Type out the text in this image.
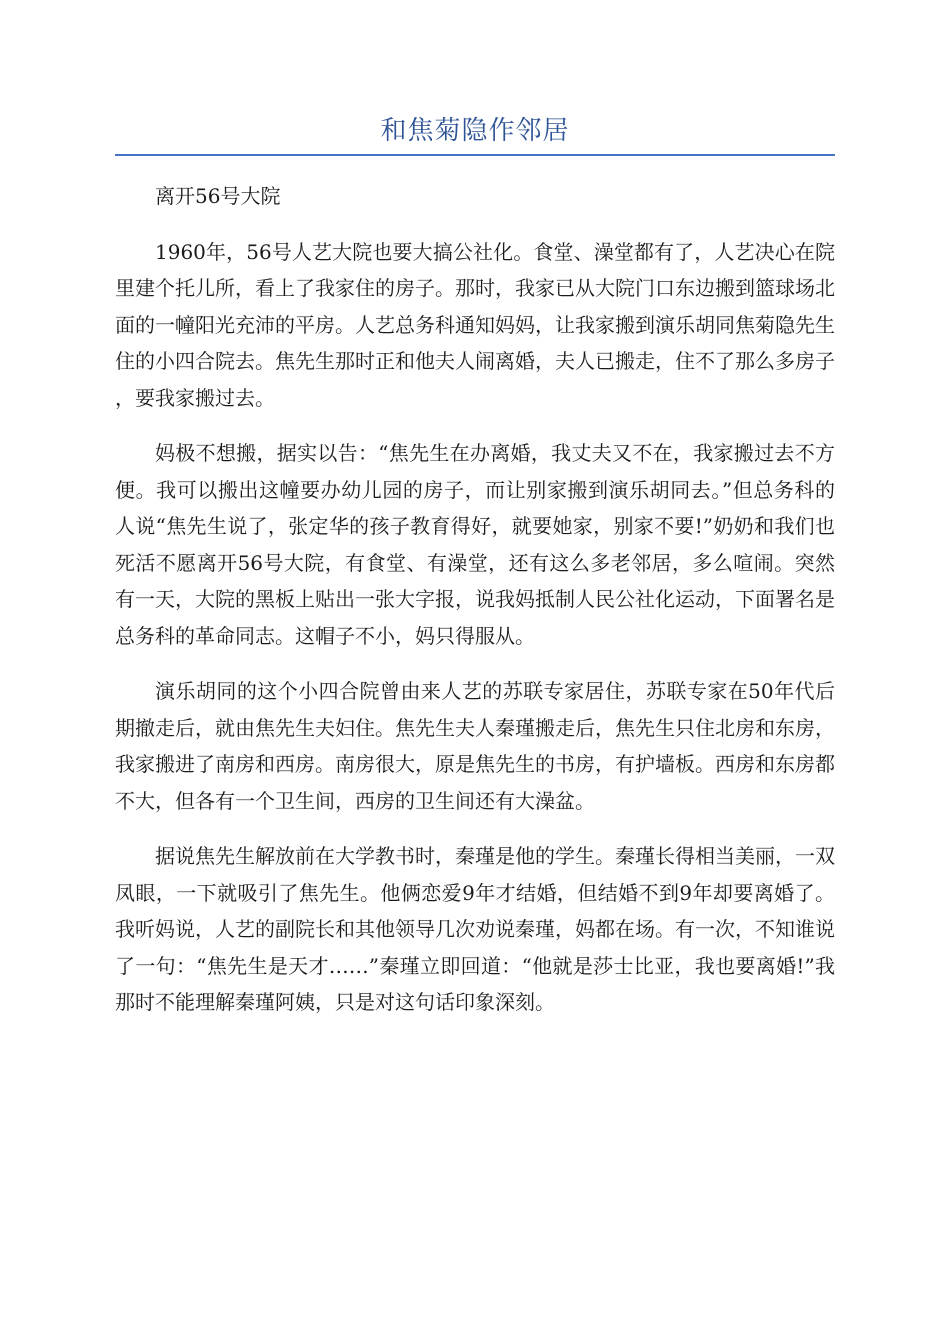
和焦菊隐作邻居

离开56号大院

1960年，56号人艺大院也要大搞公社化。食堂、澡堂都有了，人艺决心在院里建个托儿所，看上了我家住的房子。那时，我家已从大院门口东边搬到篮球场北面的一幢阳光充沛的平房。人艺总务科通知妈妈，让我家搬到演乐胡同焦菊隐先生住的小四合院去。焦先生那时正和他夫人闹离婚，夫人已搬走，住不了那么多房子，要我家搬过去。

妈极不想搬，据实以告：“焦先生在办离婚，我丈夫又不在，我家搬过去不方便。我可以搬出这幢要办幼儿园的房子，而让别家搬到演乐胡同去。”但总务科的人说“焦先生说了，张定华的孩子教育得好，就要她家，别家不要!”奶奶和我们也死活不愿离开56号大院，有食堂、有澡堂，还有这么多老邻居，多么喧闹。突然有一天，大院的黑板上贴出一张大字报，说我妈抵制人民公社化运动，下面署名是总务科的革命同志。这帽子不小，妈只得服从。

演乐胡同的这个小四合院曾由来人艺的苏联专家居住，苏联专家在50年代后期撤走后，就由焦先生夫妇住。焦先生夫人秦瑾搬走后，焦先生只住北房和东房，我家搬进了南房和西房。南房很大，原是焦先生的书房，有护墙板。西房和东房都不大，但各有一个卫生间，西房的卫生间还有大澡盆。

据说焦先生解放前在大学教书时，秦瑾是他的学生。秦瑾长得相当美丽，一双凤眼，一下就吸引了焦先生。他俩恋爱9年才结婚，但结婚不到9年却要离婚了。我听妈说，人艺的副院长和其他领导几次劝说秦瑾，妈都在场。有一次，不知谁说了一句：“焦先生是天才……”秦瑾立即回道：“他就是莎士比亚，我也要离婚!”我那时不能理解秦瑾阿姨，只是对这句话印象深刻。
